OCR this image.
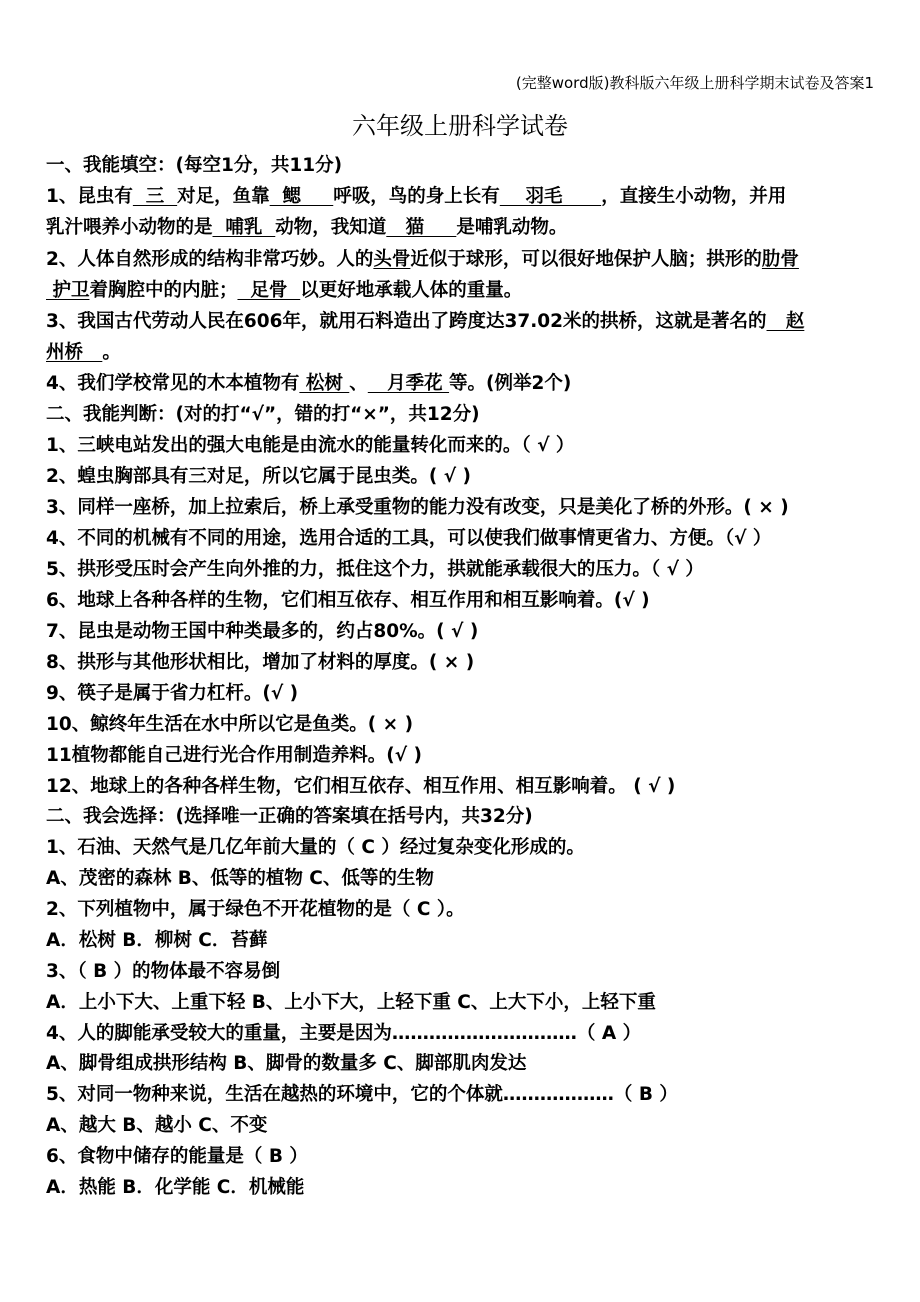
www.zixin.com.cn
(完整word版)教科版六年级上册科学期末试卷及答案1
六年级上册科学试卷
一、我能填空：(每空1分，共11分)
1、昆虫有  三  对足，鱼靠  鳃     呼吸，鸟的身上长有    羽毛      ，直接生小动物，并用
乳汁喂养小动物的是  哺乳  动物，我知道   猫     是哺乳动物。
2、人体自然形成的结构非常巧妙。人的头骨近似于球形，可以很好地保护人脑；拱形的肋骨
护卫着胸腔中的内脏；  足骨  以更好地承载人体的重量。
3、我国古代劳动人民在606年，就用石料造出了跨度达37.02米的拱桥，这就是著名的   赵
州桥   。
4、我们学校常见的木本植物有 松树 、   月季花 等。(例举2个)
二、我能判断：(对的打“√”，错的打“×”，共12分)
1、三峡电站发出的强大电能是由流水的能量转化而来的。（ √ ）
2、蝗虫胸部具有三对足，所以它属于昆虫类。( √ )
3、同样一座桥，加上拉索后，桥上承受重物的能力没有改变，只是美化了桥的外形。( × )
4、不同的机械有不同的用途，选用合适的工具，可以使我们做事情更省力、方便。（√ ）
5、拱形受压时会产生向外推的力，抵住这个力，拱就能承载很大的压力。（ √ ）
6、地球上各种各样的生物，它们相互依存、相互作用和相互影响着。(√ )
7、昆虫是动物王国中种类最多的，约占80%。( √ )
8、拱形与其他形状相比，增加了材料的厚度。( × )
9、筷子是属于省力杠杆。(√ )
10、鲸终年生活在水中所以它是鱼类。( × )
11植物都能自己进行光合作用制造养料。(√ )
12、地球上的各种各样生物，它们相互依存、相互作用、相互影响着。 ( √ )
二、我会选择：(选择唯一正确的答案填在括号内，共32分)
1、石油、天然气是几亿年前大量的（ C ）经过复杂变化形成的。
A、茂密的森林 B、低等的植物 C、低等的生物
2、下列植物中，属于绿色不开花植物的是（ C ）。
A．松树 B．柳树 C．苔藓
3、（ B ）的物体最不容易倒
A．上小下大、上重下轻 B、上小下大，上轻下重 C、上大下小，上轻下重
4、人的脚能承受较大的重量，主要是因为…………………………（ A ）
A、脚骨组成拱形结构 B、脚骨的数量多 C、脚部肌肉发达
5、对同一物种来说，生活在越热的环境中，它的个体就………………（ B ）
A、越大 B、越小 C、不变
6、食物中储存的能量是（ B ）
A．热能 B．化学能 C．机械能
